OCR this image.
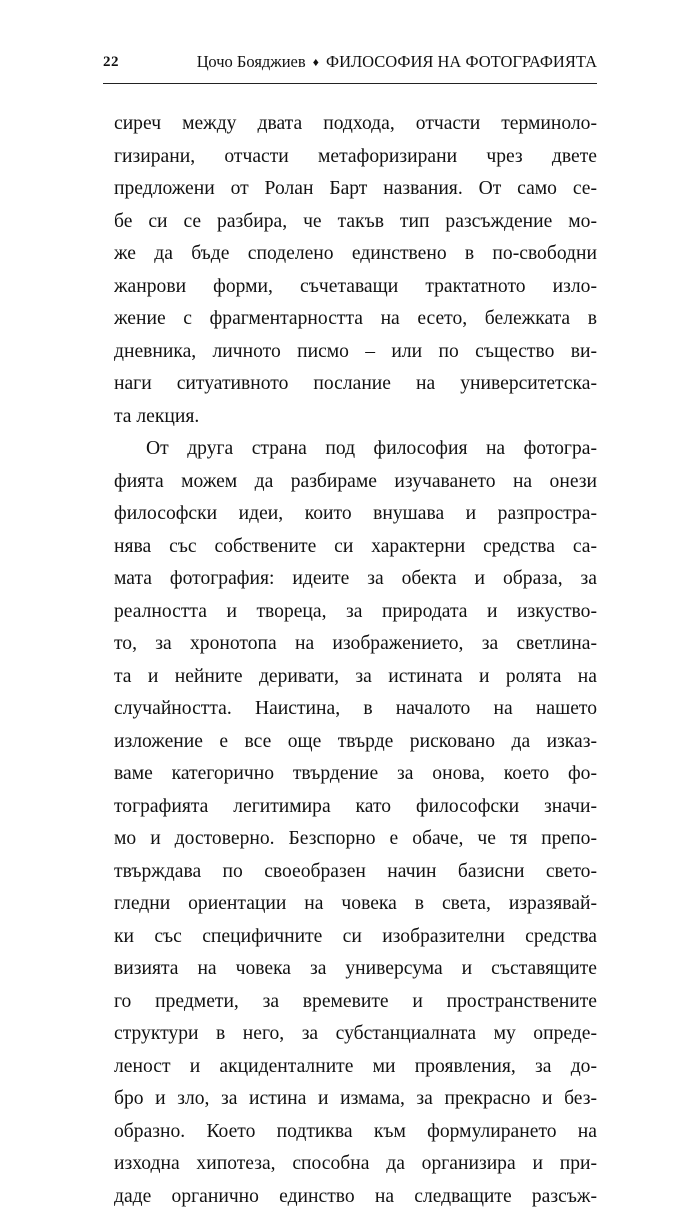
22	Цочо Бояджиев ♦ ФИЛОСОФИЯ НА ФОТОГРАФИЯТА
сиреч между двата подхода, отчасти терминоло-
гизирани, отчасти метафоризирани чрез двете
предложени от Ролан Барт названия. От само се-
бе си се разбира, че такъв тип разсъждение мо-
же да бъде споделено единствено в по-свободни
жанрови форми, съчетаващи трактатното изло-
жение с фрагментарността на есето, бележката в
дневника, личното писмо – или по същество ви-
наги ситуативното послание на университетска-
та лекция.
От друга страна под философия на фотогра-
фията можем да разбираме изучаването на онези
философски идеи, които внушава и разпростра-
нява със собствените си характерни средства са-
мата фотография: идеите за обекта и образа, за
реалността и твореца, за природата и изкуство-
то, за хронотопа на изображението, за светлина-
та и нейните деривати, за истината и ролята на
случайността. Наистина, в началото на нашето
изложение е все още твърде рисковано да изказ-
ваме категорично твърдение за онова, което фо-
тографията легитимира като философски значи-
мо и достоверно. Безспорно е обаче, че тя препо-
твърждава по своеобразен начин базисни свето-
гледни ориентации на човека в света, изразявай-
ки със специфичните си изобразителни средства
визията на човека за универсума и съставящите
го предмети, за времевите и пространствените
структури в него, за субстанциалната му опреде-
леност и акциденталните ми проявления, за до-
бро и зло, за истина и измама, за прекрасно и без-
образно. Което подтиква към формулирането на
изходна хипотеза, способна да организира и при-
даде органично единство на следващите разсъж-
